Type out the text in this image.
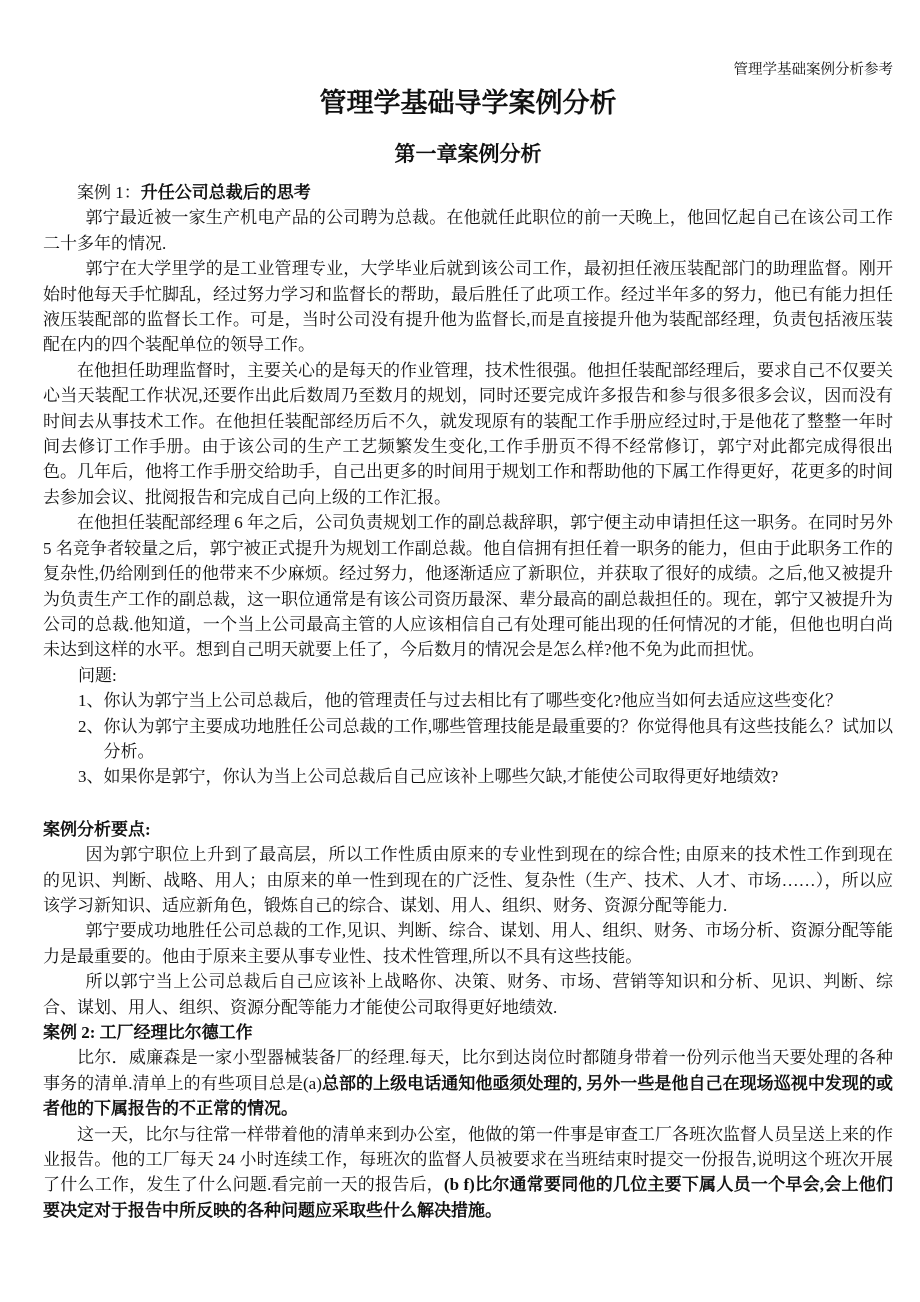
管理学基础案例分析参考
管理学基础导学案例分析
第一章案例分析
案例 1：升任公司总裁后的思考

郭宁最近被一家生产机电产品的公司聘为总裁。在他就任此职位的前一天晚上，他回忆起自己在该公司工作二十多年的情况.

郭宁在大学里学的是工业管理专业，大学毕业后就到该公司工作，最初担任液压装配部门的助理监督。刚开始时他每天手忙脚乱，经过努力学习和监督长的帮助，最后胜任了此项工作。经过半年多的努力，他已有能力担任液压装配部的监督长工作。可是，当时公司没有提升他为监督长,而是直接提升他为装配部经理，负责包括液压装配在内的四个装配单位的领导工作。

在他担任助理监督时，主要关心的是每天的作业管理，技术性很强。他担任装配部经理后，要求自己不仅要关心当天装配工作状况,还要作出此后数周乃至数月的规划，同时还要完成许多报告和参与很多很多会议，因而没有时间去从事技术工作。在他担任装配部经历后不久，就发现原有的装配工作手册应经过时,于是他花了整整一年时间去修订工作手册。由于该公司的生产工艺频繁发生变化,工作手册页不得不经常修订，郭宁对此都完成得很出色。几年后，他将工作手册交给助手，自己出更多的时间用于规划工作和帮助他的下属工作得更好，花更多的时间去参加会议、批阅报告和完成自己向上级的工作汇报。

在他担任装配部经理 6 年之后，公司负责规划工作的副总裁辞职，郭宁便主动申请担任这一职务。在同时另外 5 名竞争者较量之后，郭宁被正式提升为规划工作副总裁。他自信拥有担任着一职务的能力，但由于此职务工作的复杂性,仍给刚到任的他带来不少麻烦。经过努力，他逐渐适应了新职位，并获取了很好的成绩。之后,他又被提升为负责生产工作的副总裁，这一职位通常是有该公司资历最深、辈分最高的副总裁担任的。现在，郭宁又被提升为公司的总裁.他知道，一个当上公司最高主管的人应该相信自己有处理可能出现的任何情况的才能，但他也明白尚未达到这样的水平。想到自己明天就要上任了，今后数月的情况会是怎么样?他不免为此而担忧。

问题:
1、 你认为郭宁当上公司总裁后，他的管理责任与过去相比有了哪些变化?他应当如何去适应这些变化？
2、 你认为郭宁主要成功地胜任公司总裁的工作,哪些管理技能是最重要的？你觉得他具有这些技能么？试加以分析。
3、 如果你是郭宁，你认为当上公司总裁后自己应该补上哪些欠缺,才能使公司取得更好地绩效?
案例分析要点:

因为郭宁职位上升到了最高层，所以工作性质由原来的专业性到现在的综合性; 由原来的技术性工作到现在的见识、判断、战略、用人；由原来的单一性到现在的广泛性、复杂性（生产、技术、人才、市场……），所以应该学习新知识、适应新角色，锻炼自己的综合、谋划、用人、组织、财务、资源分配等能力.

郭宁要成功地胜任公司总裁的工作,见识、判断、综合、谋划、用人、组织、财务、市场分析、资源分配等能力是最重要的。他由于原来主要从事专业性、技术性管理,所以不具有这些技能。

所以郭宁当上公司总裁后自己应该补上战略你、决策、财务、市场、营销等知识和分析、见识、判断、综合、谋划、用人、组织、资源分配等能力才能使公司取得更好地绩效.

案例 2: 工厂经理比尔德工作

比尔．威廉森是一家小型器械装备厂的经理.每天，比尔到达岗位时都随身带着一份列示他当天要处理的各种事务的清单.清单上的有些项目总是(a)总部的上级电话通知他亟须处理的, 另外一些是他自己在现场巡视中发现的或者他的下属报告的不正常的情况。

这一天，比尔与往常一样带着他的清单来到办公室，他做的第一件事是审查工厂各班次监督人员呈送上来的作业报告。他的工厂每天 24 小时连续工作，每班次的监督人员被要求在当班结束时提交一份报告,说明这个班次开展了什么工作，发生了什么问题.看完前一天的报告后，(b f)比尔通常要同他的几位主要下属人员一个早会,会上他们要决定对于报告中所反映的各种问题应采取些什么解决措施。
